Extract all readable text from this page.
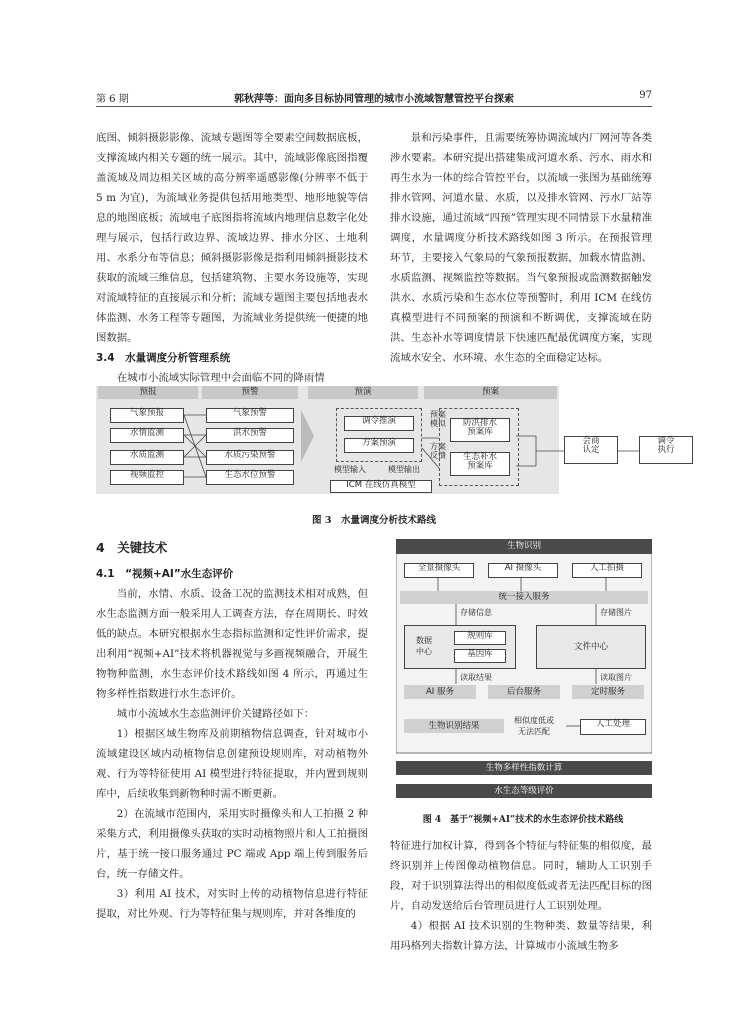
第 6 期	郭秋萍等：面向多目标协同管理的城市小流域智慧管控平台探索	97

底图、倾斜摄影影像、流域专题图等全要素空间数据底板，支撑流域内相关专题的统一展示。其中，流域影像底图指覆盖流域及周边相关区域的高分辨率遥感影像(分辨率不低于 5 m 为宜)，为流域业务提供包括用地类型、地形地貌等信息的地图底板；流域电子底图指将流域内地理信息数字化处理与展示，包括行政边界、流域边界、排水分区、土地利用、水系分布等信息；倾斜摄影影像是指利用倾斜摄影技术获取的流域三维信息，包括建筑物、主要水务设施等，实现对流域特征的直接展示和分析；流域专题图主要包括地表水体监测、水务工程等专题图，为流域业务提供统一便捷的地图数据。

3.4　水量调度分析管理系统

在城市小流域实际管理中会面临不同的降雨情

景和污染事件，且需要统筹协调流域内厂网河等各类涉水要素。本研究提出搭建集成河道水系、污水、雨水和再生水为一体的综合管控平台，以流域一张图为基础统筹排水管网、河道水量、水质，以及排水管网、污水厂站等排水设施，通过流域“四预”管理实现不同情景下水量精准调度，水量调度分析技术路线如图 3 所示。在预报管理环节，主要接入气象局的气象预报数据，加载水情监测、水质监测、视频监控等数据。当气象预报或监测数据触发洪水、水质污染和生态水位等预警时，利用 ICM 在线仿真模型进行不同预案的预演和不断调优，支撑流域在防洪、生态补水等调度情景下快速匹配最优调度方案，实现流域水安全、水环境、水生态的全面稳定达标。

预报	预警	预演	预案
气象预报
水情监测
水质监测
视频监控
气象预警
洪水预警
水质污染预警
生态水位预警
调令推演
方案预演
预案
模拟
方案
反馈
模型输入	模型输出
ICM 在线仿真模型
防洪排水
预案库
生态补水
预案库
会商
认定
调令
执行
图 3　水量调度分析技术路线

4　关键技术

4.1　“视频+AI”水生态评价

当前，水情、水质、设备工况的监测技术相对成熟，但水生态监测方面一般采用人工调查方法，存在周期长、时效低的缺点。本研究根据水生态指标监测和定性评价需求，提出利用“视频+AI”技术将机器视觉与多画视频融合，开展生物物种监测，水生态评价技术路线如图 4 所示，再通过生物多样性指数进行水生态评价。

城市小流域水生态监测评价关键路径如下：

1）根据区域生物库及前期植物信息调查，针对城市小流域建设区域内动植物信息创建预设规则库，对动植物外观、行为等特征使用 AI 模型进行特征提取，并内置到规则库中，后续收集到新物种时需不断更新。

2）在流域市范围内，采用实时摄像头和人工拍摄 2 种采集方式，利用摄像头获取的实时动植物照片和人工拍摄图片，基于统一接口服务通过 PC 端或 App 端上传到服务后台，统一存储文件。

3）利用 AI 技术，对实时上传的动植物信息进行特征提取，对比外观、行为等特征集与规则库，并对各维度的

生物识别
全景摄像头	AI 摄像头	人工拍摄
统一接入服务
存储信息	存储图片
数据
中心
规则库
基因库
文件中心
读取结果	读取图片
AI 服务	后台服务	定时服务
生物识别结果
相似度低或
无法匹配
人工处理
生物多样性指数计算
水生态等级评价
图 4　基于“视频+AI”技术的水生态评价技术路线

特征进行加权计算，得到各个特征与特征集的相似度，最终识别并上传图像动植物信息。同时，辅助人工识别手段，对于识别算法得出的相似度低或者无法匹配目标的图片，自动发送给后台管理员进行人工识别处理。

4）根据 AI 技术识别的生物种类、数量等结果，利用玛格列夫指数计算方法，计算城市小流域生物多
